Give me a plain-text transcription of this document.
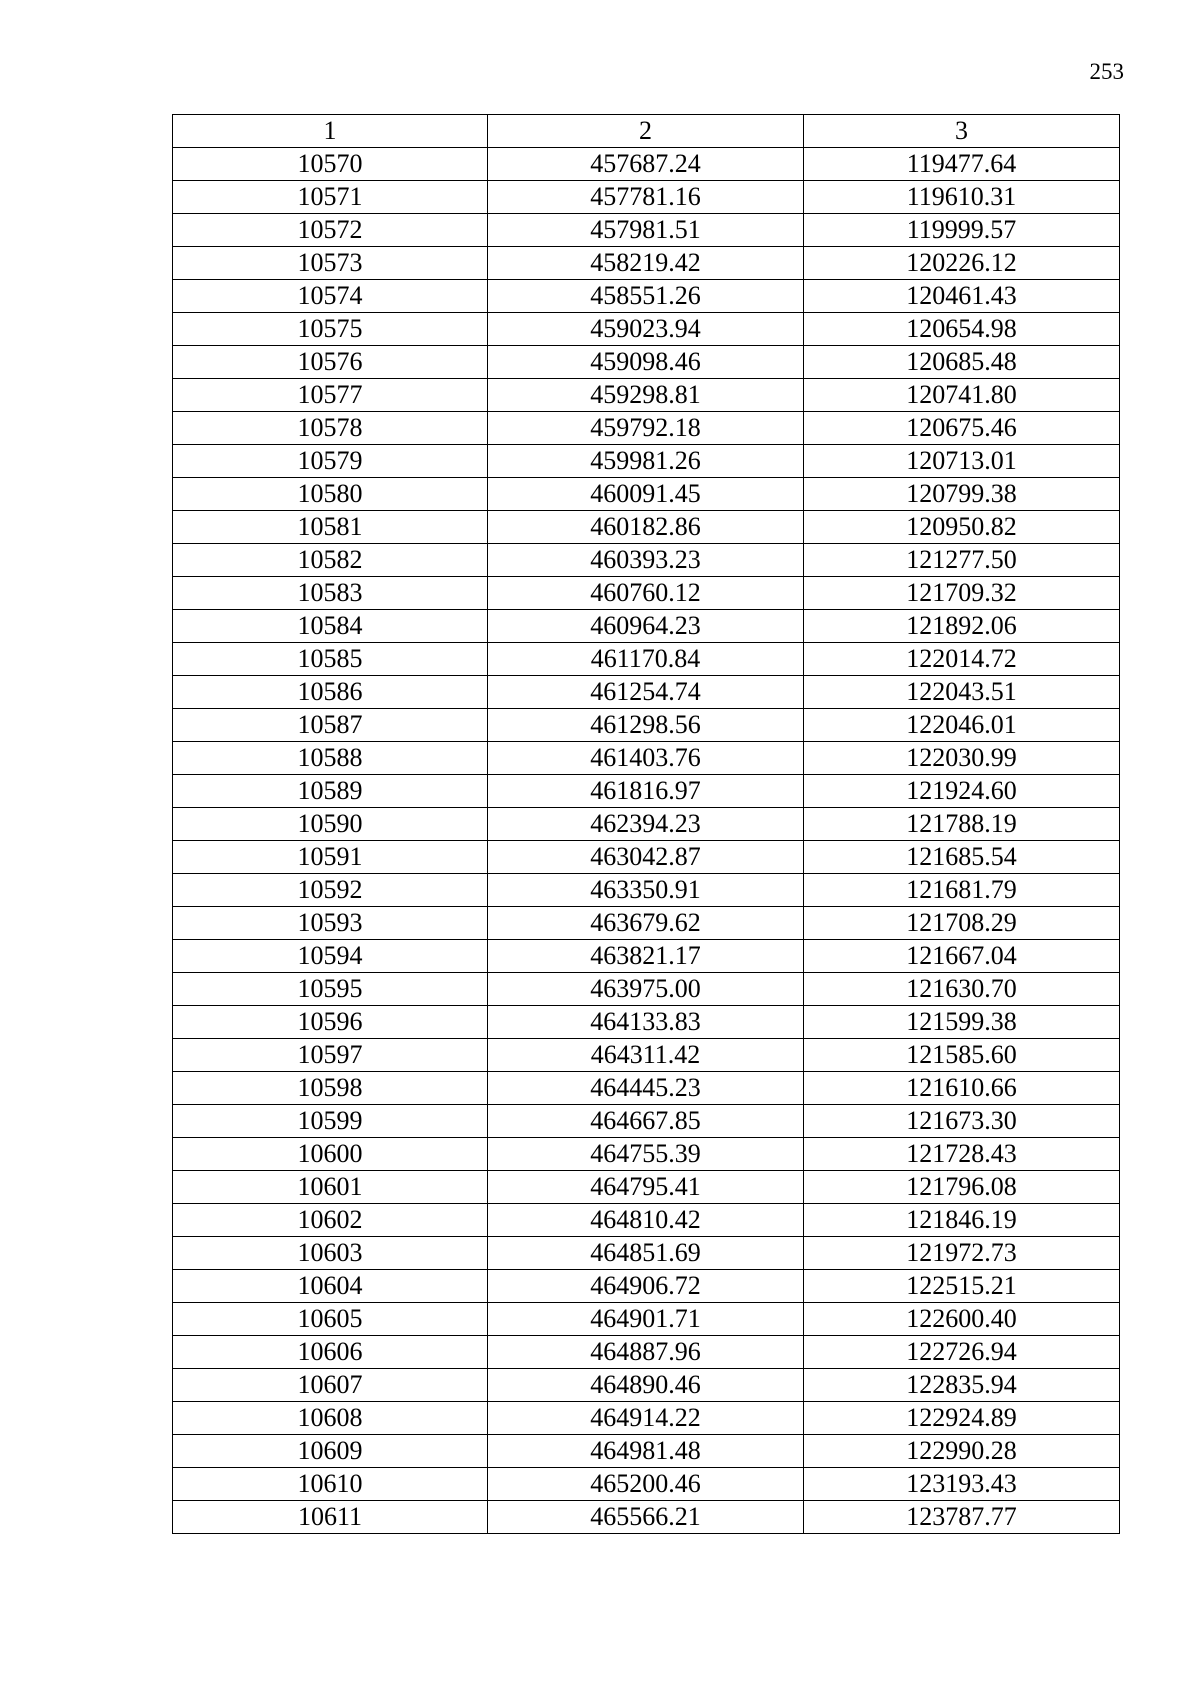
253
1	2	3
10570	457687.24	119477.64
10571	457781.16	119610.31
10572	457981.51	119999.57
10573	458219.42	120226.12
10574	458551.26	120461.43
10575	459023.94	120654.98
10576	459098.46	120685.48
10577	459298.81	120741.80
10578	459792.18	120675.46
10579	459981.26	120713.01
10580	460091.45	120799.38
10581	460182.86	120950.82
10582	460393.23	121277.50
10583	460760.12	121709.32
10584	460964.23	121892.06
10585	461170.84	122014.72
10586	461254.74	122043.51
10587	461298.56	122046.01
10588	461403.76	122030.99
10589	461816.97	121924.60
10590	462394.23	121788.19
10591	463042.87	121685.54
10592	463350.91	121681.79
10593	463679.62	121708.29
10594	463821.17	121667.04
10595	463975.00	121630.70
10596	464133.83	121599.38
10597	464311.42	121585.60
10598	464445.23	121610.66
10599	464667.85	121673.30
10600	464755.39	121728.43
10601	464795.41	121796.08
10602	464810.42	121846.19
10603	464851.69	121972.73
10604	464906.72	122515.21
10605	464901.71	122600.40
10606	464887.96	122726.94
10607	464890.46	122835.94
10608	464914.22	122924.89
10609	464981.48	122990.28
10610	465200.46	123193.43
10611	465566.21	123787.77
